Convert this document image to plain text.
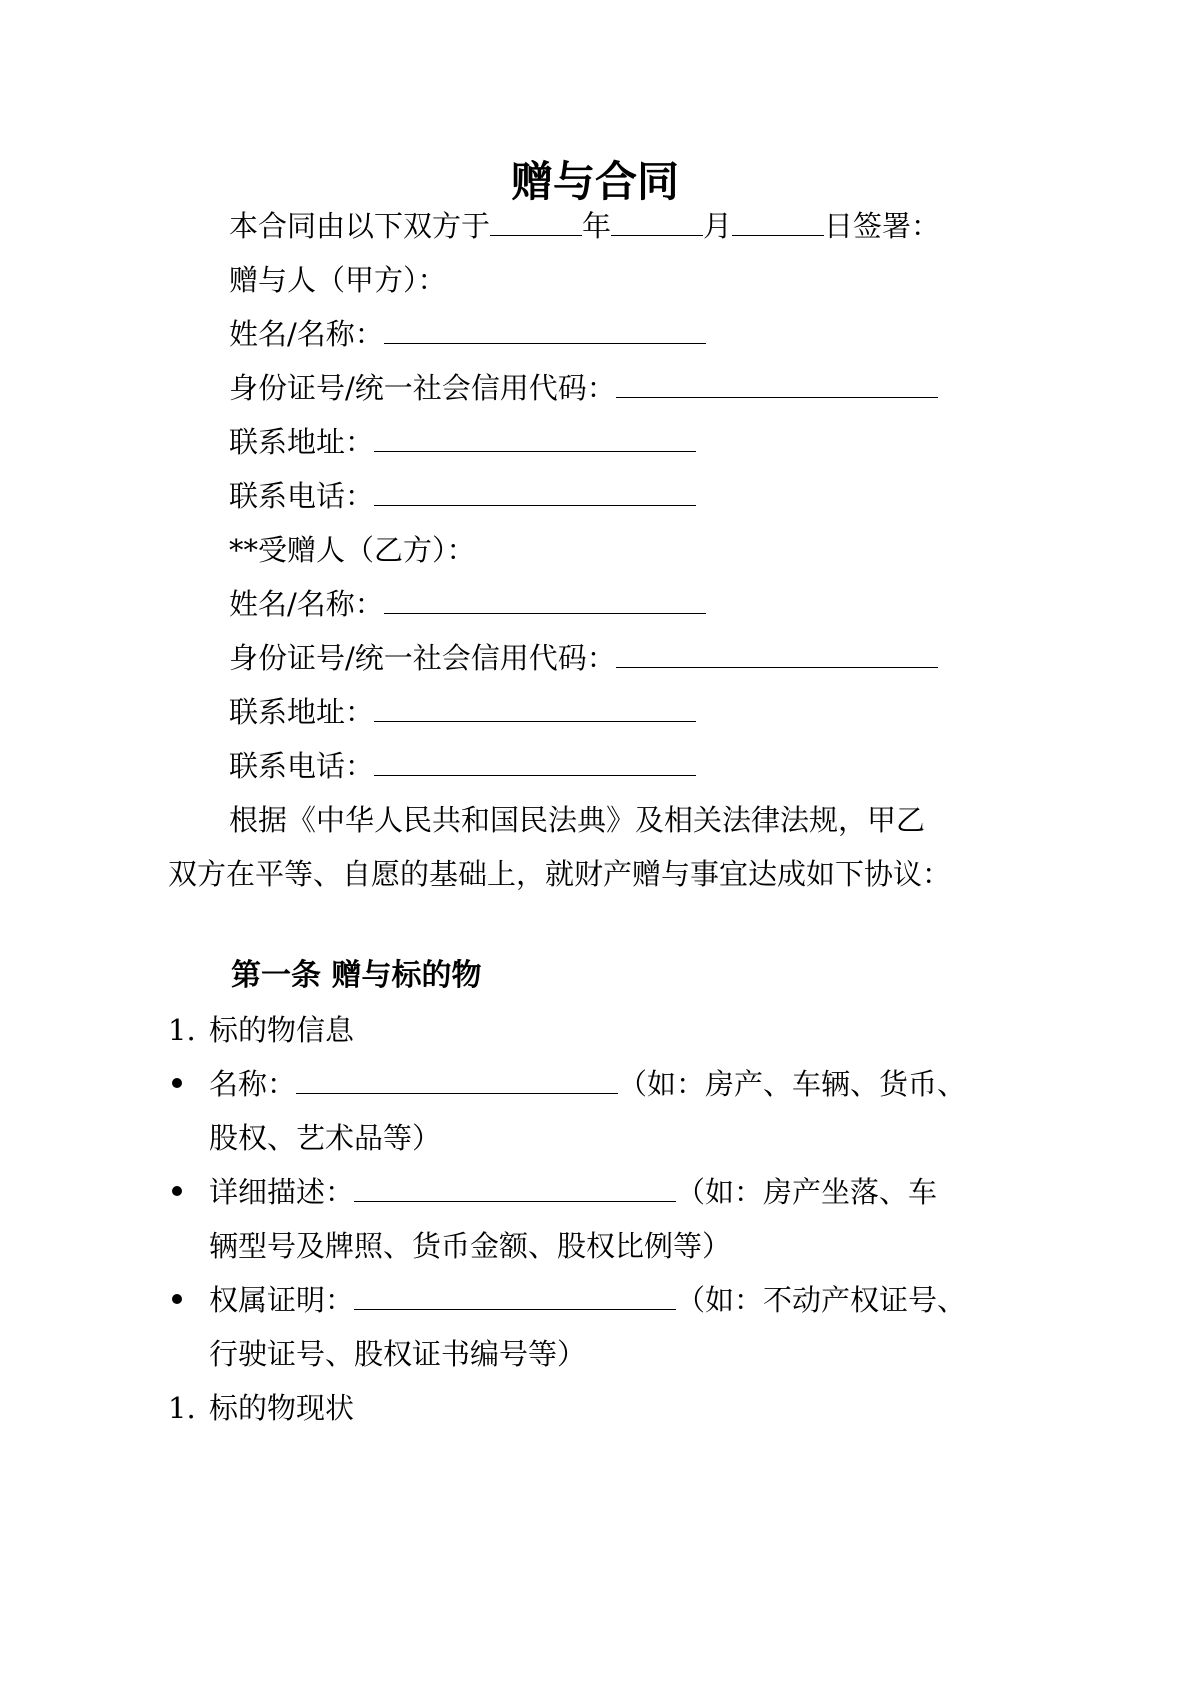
赠与合同
本合同由以下双方于	年	月	日签署：
赠与人（甲方）：
姓名/名称：
身份证号/统一社会信用代码：
联系地址：
联系电话：
**受赠人（乙方）：
姓名/名称：
身份证号/统一社会信用代码：
联系地址：
联系电话：
根据《中华人民共和国民法典》及相关法律法规，甲乙
双方在平等、自愿的基础上，就财产赠与事宜达成如下协议：
第一条 赠与标的物
1. 标的物信息
名称：	（如：房产、车辆、货币、
股权、艺术品等）
详细描述：	（如：房产坐落、车
辆型号及牌照、货币金额、股权比例等）
权属证明：	（如：不动产权证号、
行驶证号、股权证书编号等）
1. 标的物现状
